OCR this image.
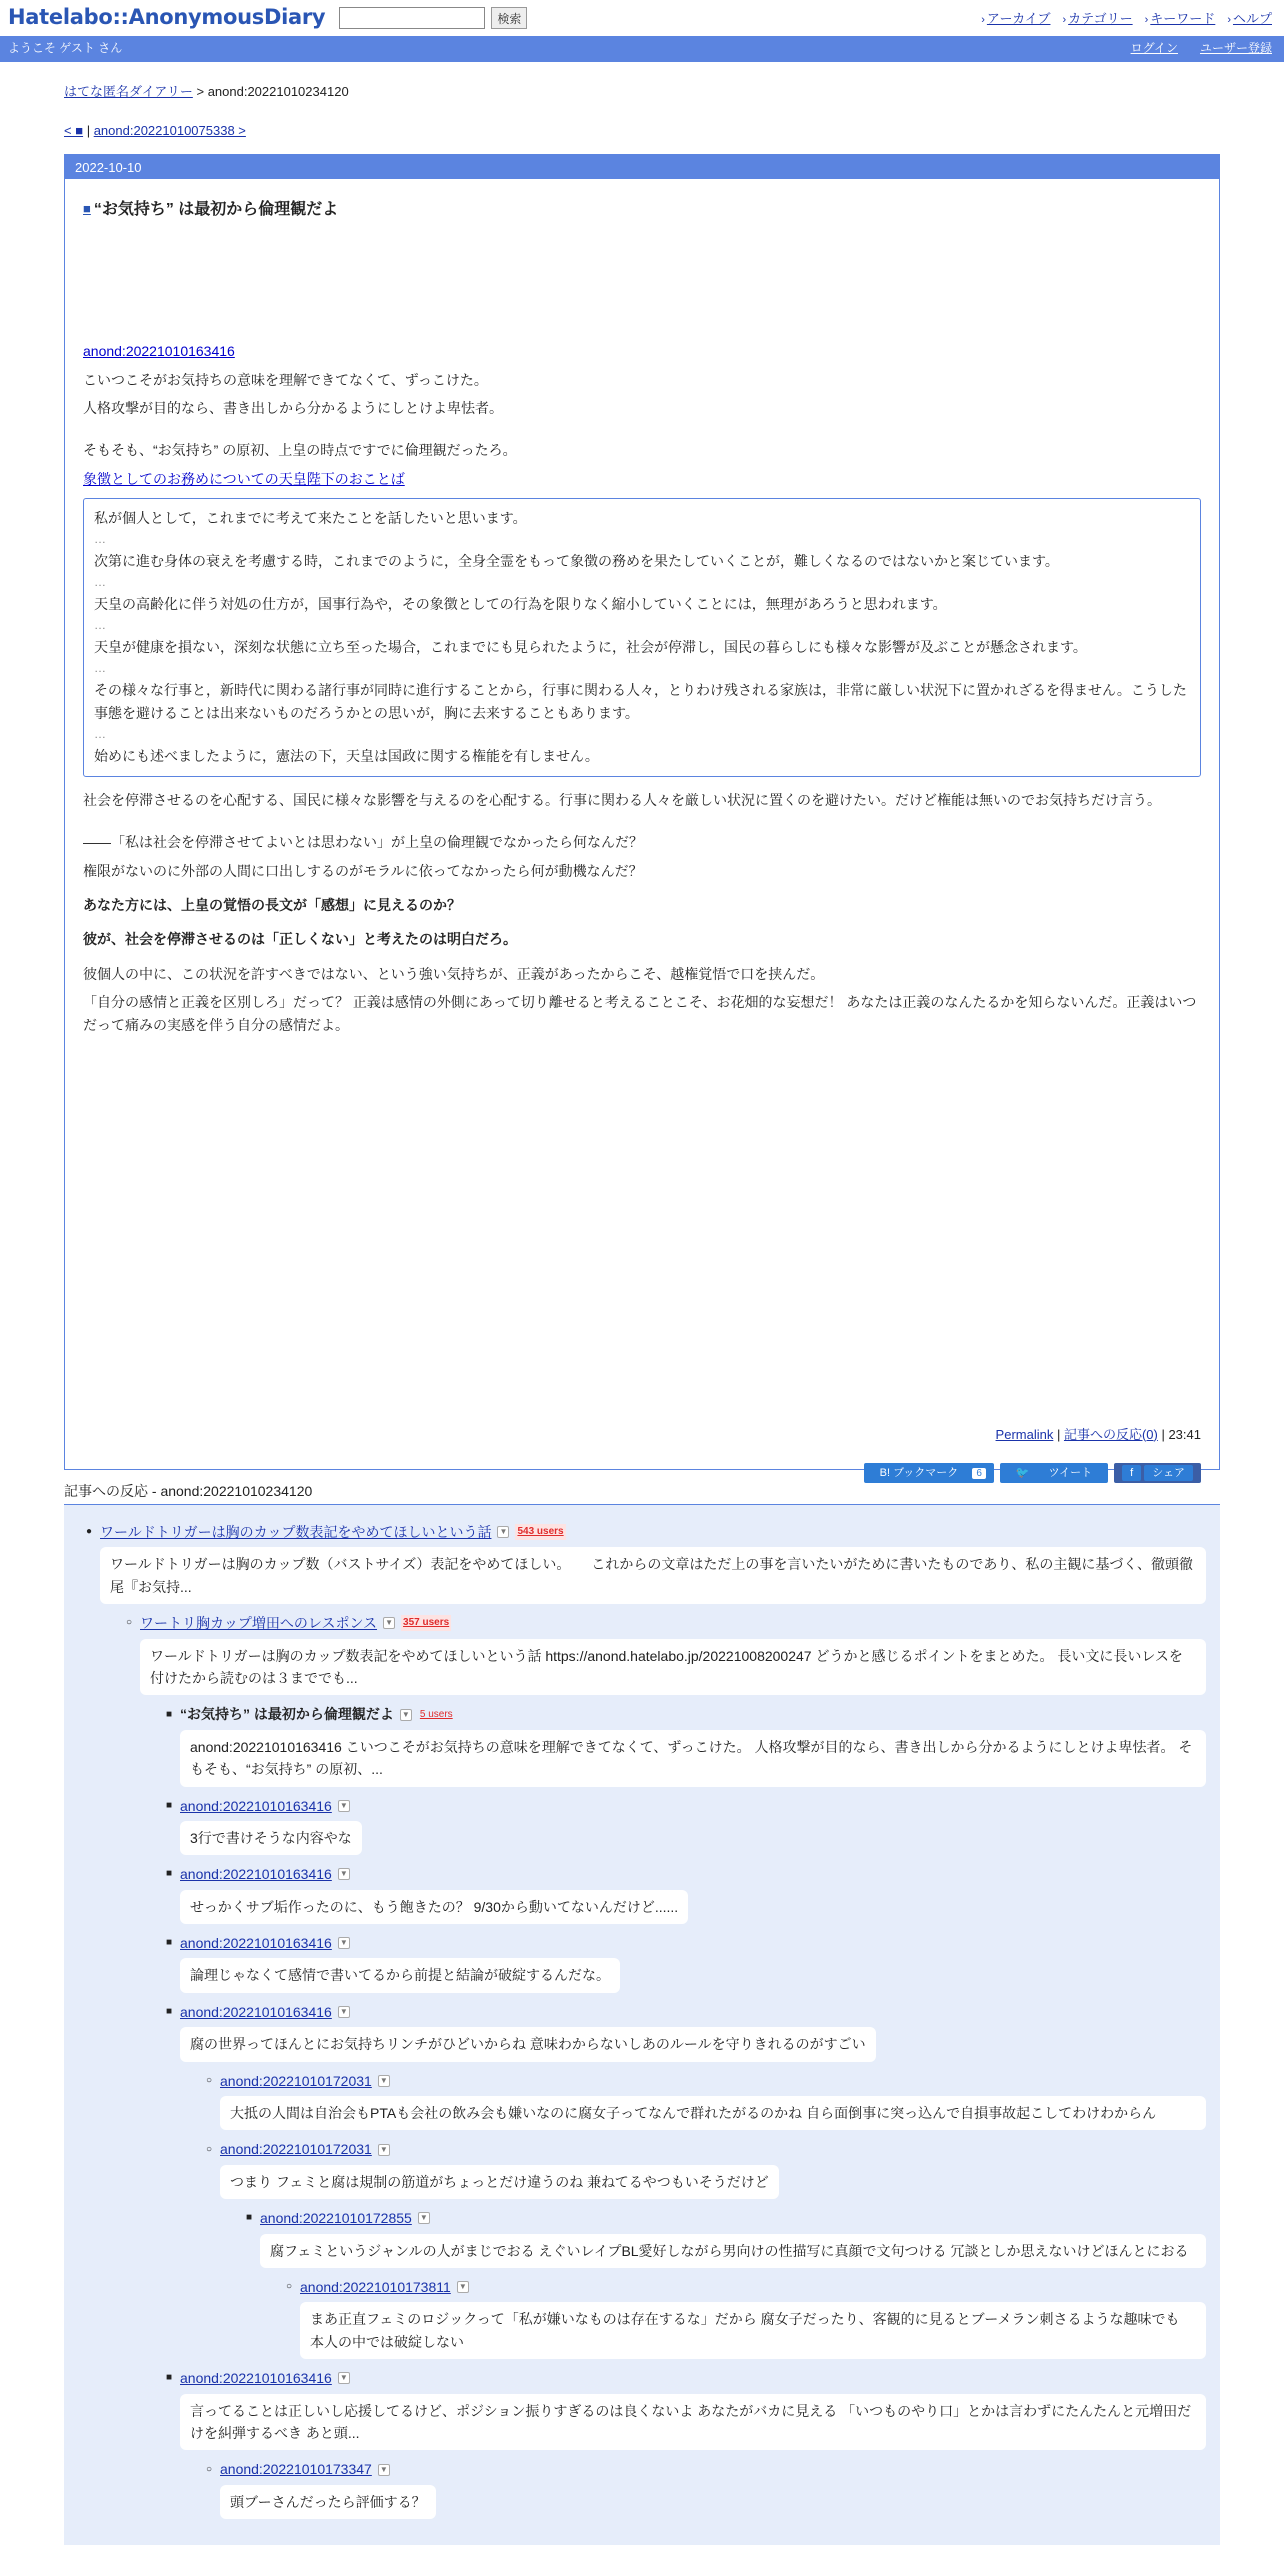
Hatelabo::AnonymousDiary	検索	› アーカイブ › カテゴリー › キーワード › ヘルプ
ようこそ ゲスト さん	ログイン ユーザー登録
はてな匿名ダイアリー > anond:20221010234120
< ■ | anond:20221010075338 >
2022-10-10
■ “お気持ち” は最初から倫理観だよ

anond:20221010163416

こいつこそがお気持ちの意味を理解できてなくて、ずっこけた。

人格攻撃が目的なら、書き出しから分かるようにしとけよ卑怯者。

そもそも、“お気持ち” の原初、上皇の時点ですでに倫理観だったろ。

象徴としてのお務めについての天皇陛下のおことば

私が個人として，これまでに考えて来たことを話したいと思います。

…

次第に進む身体の衰えを考慮する時，これまでのように，全身全霊をもって象徴の務めを果たしていくことが，難しくなるのではないかと案じています。

…

天皇の高齢化に伴う対処の仕方が，国事行為や，その象徴としての行為を限りなく縮小していくことには，無理があろうと思われます。

…

天皇が健康を損ない，深刻な状態に立ち至った場合，これまでにも見られたように，社会が停滞し，国民の暮らしにも様々な影響が及ぶことが懸念されます。

…

その様々な行事と，新時代に関わる諸行事が同時に進行することから，行事に関わる人々，とりわけ残される家族は，非常に厳しい状況下に置かれざるを得ません。こうした事態を避けることは出来ないものだろうかとの思いが，胸に去来することもあります。

…

始めにも述べましたように，憲法の下，天皇は国政に関する権能を有しません。

社会を停滞させるのを心配する、国民に様々な影響を与えるのを心配する。行事に関わる人々を厳しい状況に置くのを避けたい。だけど権能は無いのでお気持ちだけ言う。

――「私は社会を停滞させてよいとは思わない」が上皇の倫理観でなかったら何なんだ？

権限がないのに外部の人間に口出しするのがモラルに依ってなかったら何が動機なんだ？

あなた方には、上皇の覚悟の長文が「感想」に見えるのか？

彼が、社会を停滞させるのは「正しくない」と考えたのは明白だろ。

彼個人の中に、この状況を許すべきではない、という強い気持ちが、正義があったからこそ、越権覚悟で口を挟んだ。

「自分の感情と正義を区別しろ」だって？ 正義は感情の外側にあって切り離せると考えることこそ、お花畑的な妄想だ！ あなたは正義のなんたるかを知らないんだ。正義はいつだって痛みの実感を伴う自分の感情だよ。

Permalink | 記事への反応(0) | 23:41
B! ブックマーク 6	🐦 ツイート	f シェア
記事への反応 - anond:20221010234120
● ワールドトリガーは胸のカップ数表記をやめてほしいという話 ▼ 543 users
ワールドトリガーは胸のカップ数（バストサイズ）表記をやめてほしい。　　これからの文章はただ上の事を言いたいがために書いたものであり、私の主観に基づく、徹頭徹尾『お気持...
○ ワートリ胸カップ増田へのレスポンス ▼ 357 users
ワールドトリガーは胸のカップ数表記をやめてほしいという話 https://anond.hatelabo.jp/20221008200247 どうかと感じるポイントをまとめた。 長い文に長いレスを付けたから読むのは３まででも...
■ “お気持ち” は最初から倫理観だよ ▼ 5 users
anond:20221010163416 こいつこそがお気持ちの意味を理解できてなくて、ずっこけた。 人格攻撃が目的なら、書き出しから分かるようにしとけよ卑怯者。 そもそも、“お気持ち” の原初、...
■ anond:20221010163416 ▼
3行で書けそうな内容やな
■ anond:20221010163416 ▼
せっかくサブ垢作ったのに、もう飽きたの？ 9/30から動いてないんだけど......
■ anond:20221010163416 ▼
論理じゃなくて感情で書いてるから前提と結論が破綻するんだな。
■ anond:20221010163416 ▼
腐の世界ってほんとにお気持ちリンチがひどいからね 意味わからないしあのルールを守りきれるのがすごい
○ anond:20221010172031 ▼
大抵の人間は自治会もPTAも会社の飲み会も嫌いなのに腐女子ってなんで群れたがるのかね 自ら面倒事に突っ込んで自損事故起こしてわけわからん
○ anond:20221010172031 ▼
つまり フェミと腐は規制の筋道がちょっとだけ違うのね 兼ねてるやつもいそうだけど
■ anond:20221010172855 ▼
腐フェミというジャンルの人がまじでおる えぐいレイプBL愛好しながら男向けの性描写に真顔で文句つける 冗談としか思えないけどほんとにおる
○ anond:20221010173811 ▼
まあ正直フェミのロジックって「私が嫌いなものは存在するな」だから 腐女子だったり、客観的に見るとブーメラン刺さるような趣味でも 本人の中では破綻しない
■ anond:20221010163416 ▼
言ってることは正しいし応援してるけど、ポジション振りすぎるのは良くないよ あなたがバカに見える 「いつものやり口」とかは言わずにたんたんと元増田だけを糾弾するべき あと頭...
○ anond:20221010173347 ▼
頭ブーさんだったら評価する？
